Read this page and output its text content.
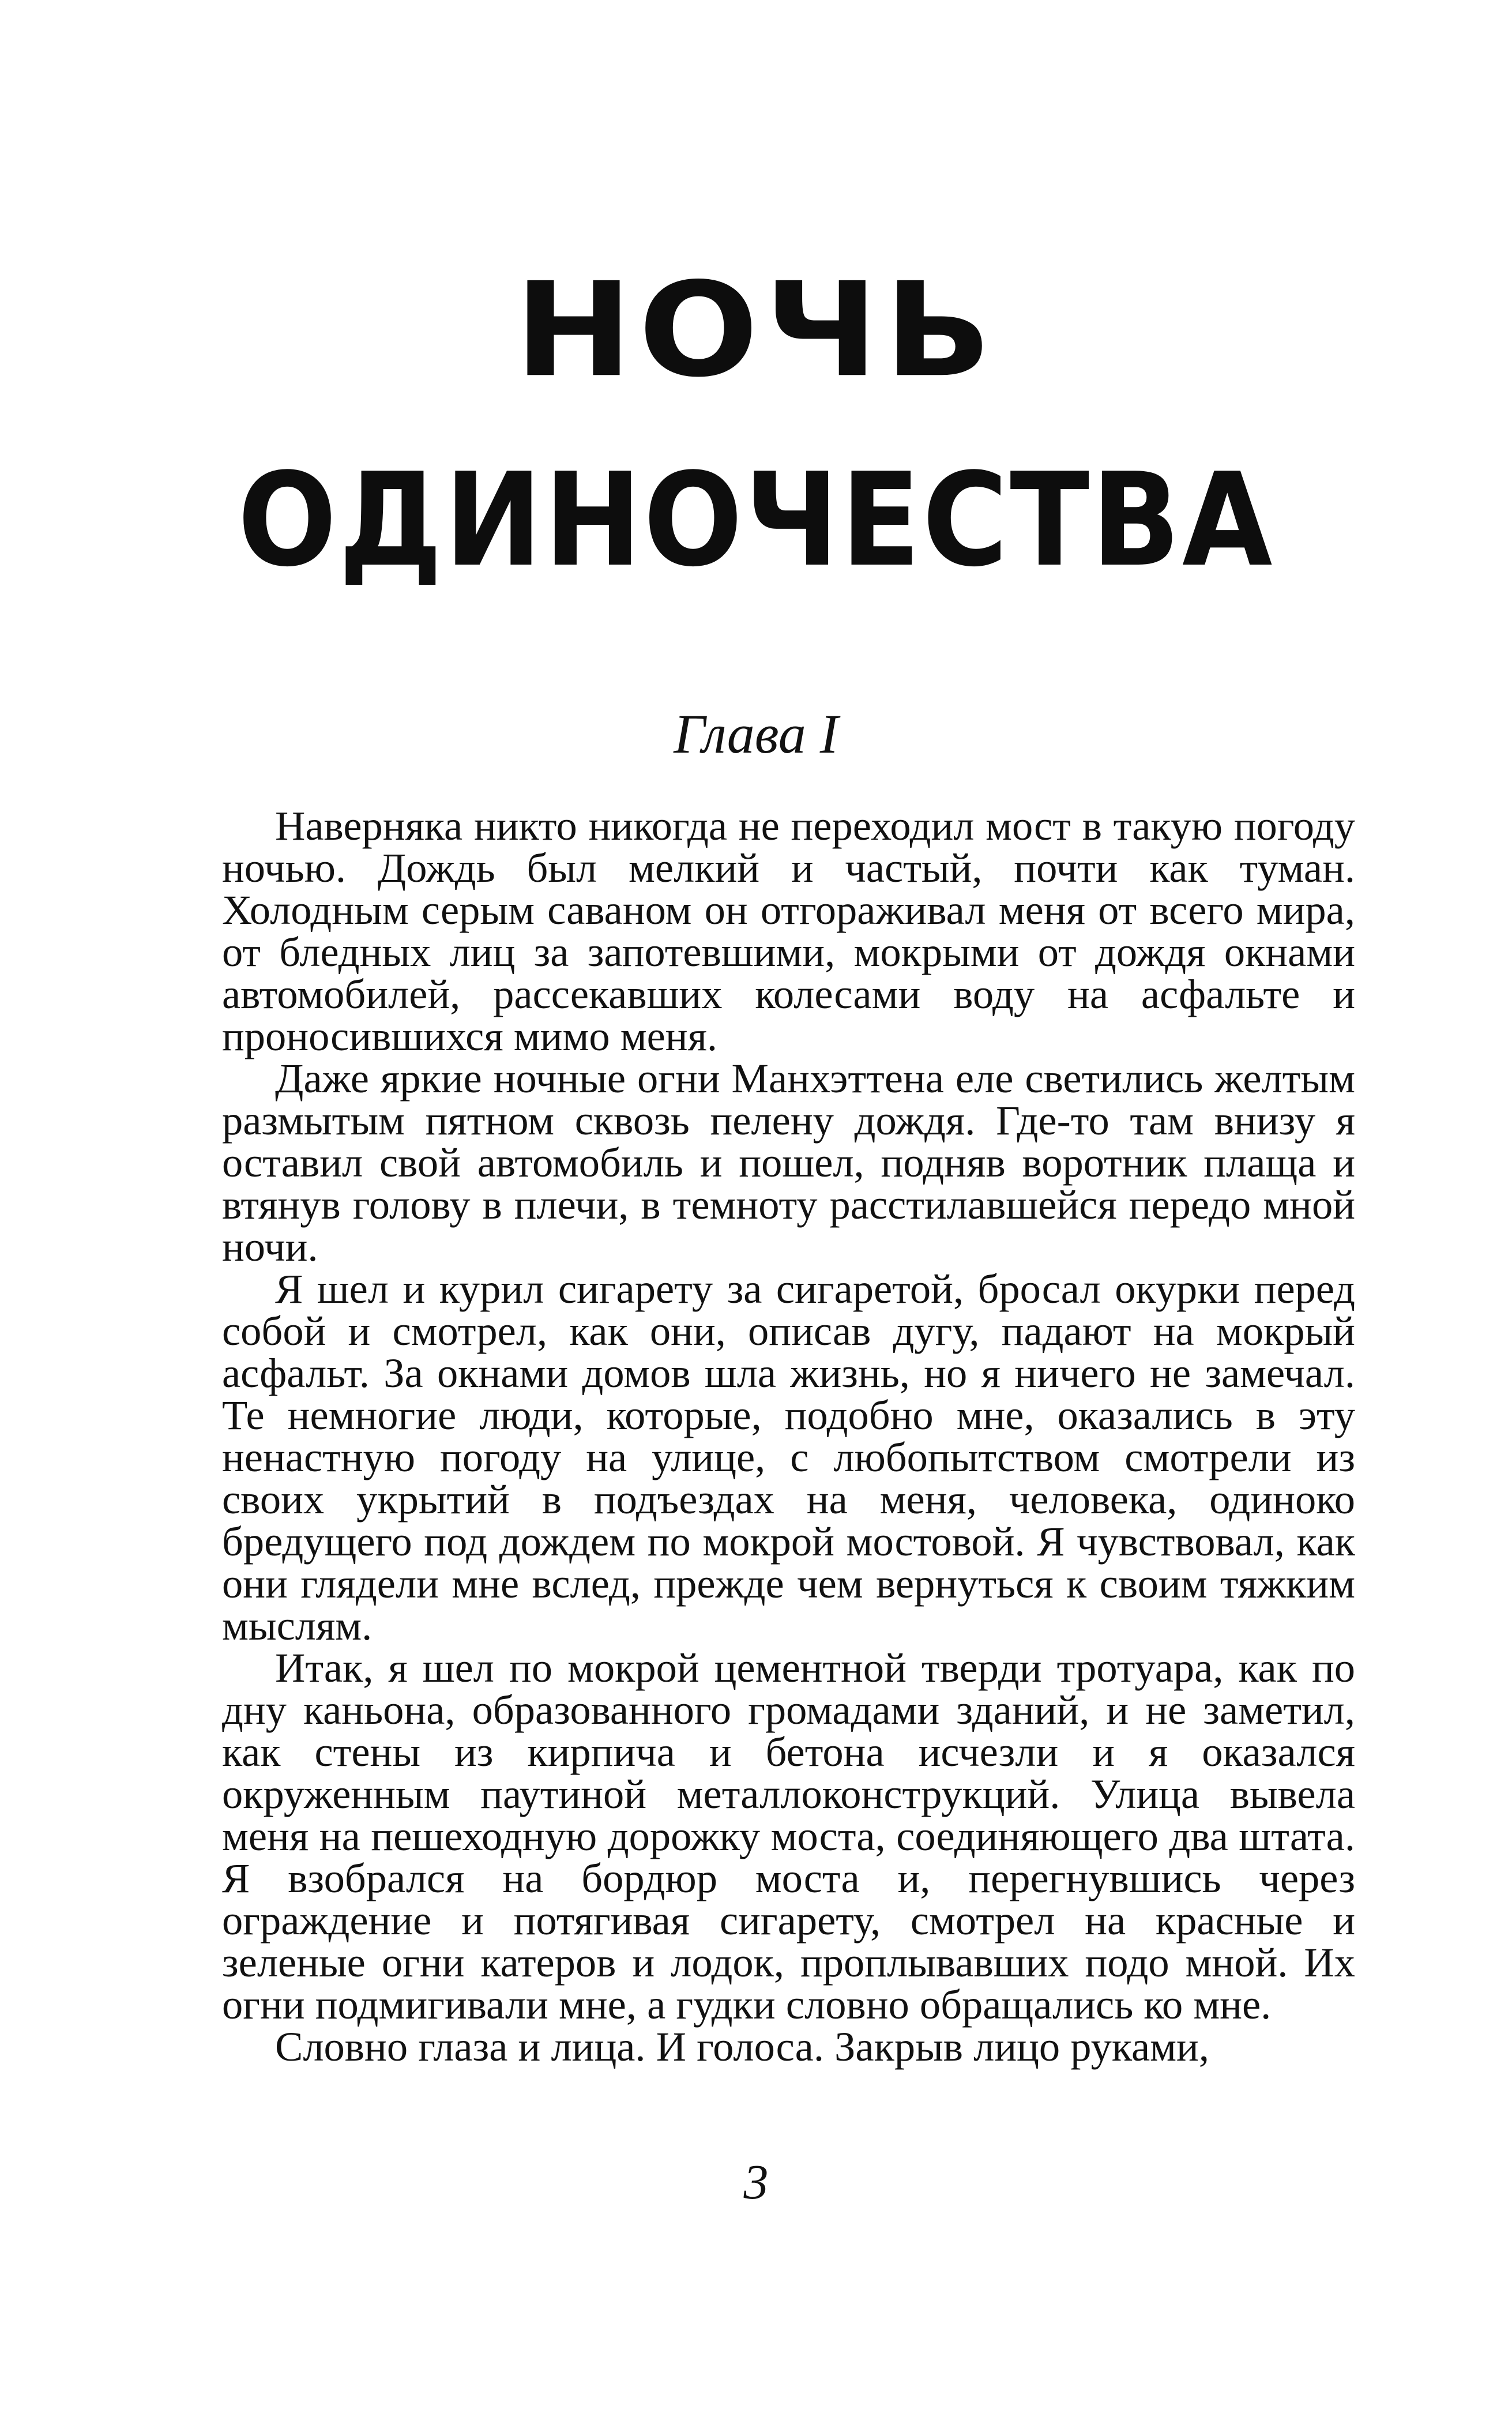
НОЧЬ
ОДИНОЧЕСТВА
Глава I

Наверняка никто никогда не переходил мост в такую погоду ночью. Дождь был мелкий и частый, почти как туман. Холодным серым саваном он отгораживал меня от всего мира, от бледных лиц за запотевшими, мокрыми от дождя окнами автомобилей, рассекавших колесами воду на асфальте и проносившихся мимо меня.

Даже яркие ночные огни Манхэттена еле светились желтым размытым пятном сквозь пелену дождя. Где-то там внизу я оставил свой автомобиль и пошел, подняв воротник плаща и втянув голову в плечи, в темноту расстилавшейся передо мной ночи.

Я шел и курил сигарету за сигаретой, бросал окурки перед собой и смотрел, как они, описав дугу, падают на мокрый асфальт. За окнами домов шла жизнь, но я ничего не замечал. Те немногие люди, которые, подобно мне, оказались в эту ненастную погоду на улице, с любопытством смотрели из своих укрытий в подъездах на меня, человека, одиноко бредущего под дождем по мокрой мостовой. Я чувствовал, как они глядели мне вслед, прежде чем вернуться к своим тяжким мыслям.

Итак, я шел по мокрой цементной тверди тротуара, как по дну каньона, образованного громадами зданий, и не заметил, как стены из кирпича и бетона исчезли и я оказался окруженным паутиной металлоконструкций. Улица вывела меня на пешеходную дорожку моста, соединяющего два штата. Я взобрался на бордюр моста и, перегнувшись через ограждение и потягивая сигарету, смотрел на красные и зеленые огни катеров и лодок, проплывавших подо мной. Их огни подмигивали мне, а гудки словно обращались ко мне.

Словно глаза и лица. И голоса. Закрыв лицо руками,

3
